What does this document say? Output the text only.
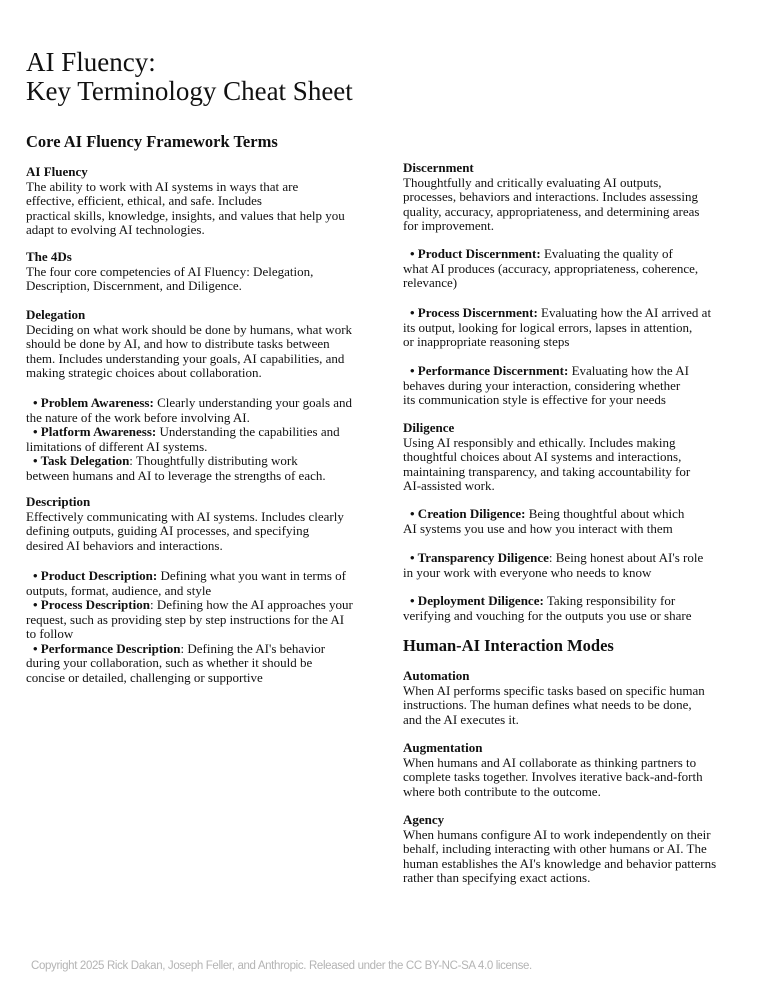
AI Fluency:
Key Terminology Cheat Sheet
Core AI Fluency Framework Terms
Human-AI Interaction Modes
AI Fluency
The ability to work with AI systems in ways that are
effective, efficient, ethical, and safe. Includes
practical skills, knowledge, insights, and values that help you
adapt to evolving AI technologies.
The 4Ds
The four core competencies of AI Fluency: Delegation,
Description, Discernment, and Diligence.
Delegation
Deciding on what work should be done by humans, what work
should be done by AI, and how to distribute tasks between
them. Includes understanding your goals, AI capabilities, and
making strategic choices about collaboration.
• Problem Awareness: Clearly understanding your goals and
the nature of the work before involving AI.
• Platform Awareness: Understanding the capabilities and
limitations of different AI systems.
• Task Delegation: Thoughtfully distributing work
between humans and AI to leverage the strengths of each.
Description
Effectively communicating with AI systems. Includes clearly
defining outputs, guiding AI processes, and specifying
desired AI behaviors and interactions.
• Product Description: Defining what you want in terms of
outputs, format, audience, and style
• Process Description: Defining how the AI approaches your
request, such as providing step by step instructions for the AI
to follow
• Performance Description: Defining the AI's behavior
during your collaboration, such as whether it should be
concise or detailed, challenging or supportive
Discernment
Thoughtfully and critically evaluating AI outputs,
processes, behaviors and interactions. Includes assessing
quality, accuracy, appropriateness, and determining areas
for improvement.
• Product Discernment: Evaluating the quality of
what AI produces (accuracy, appropriateness, coherence,
relevance)
• Process Discernment: Evaluating how the AI arrived at
its output, looking for logical errors, lapses in attention,
or inappropriate reasoning steps
• Performance Discernment: Evaluating how the AI
behaves during your interaction, considering whether
its communication style is effective for your needs
Diligence
Using AI responsibly and ethically. Includes making
thoughtful choices about AI systems and interactions,
maintaining transparency, and taking accountability for
AI-assisted work.
• Creation Diligence: Being thoughtful about which
AI systems you use and how you interact with them
• Transparency Diligence: Being honest about AI's role
in your work with everyone who needs to know
• Deployment Diligence: Taking responsibility for
verifying and vouching for the outputs you use or share
Automation
When AI performs specific tasks based on specific human
instructions. The human defines what needs to be done,
and the AI executes it.
Augmentation
When humans and AI collaborate as thinking partners to
complete tasks together. Involves iterative back-and-forth
where both contribute to the outcome.
Agency
When humans configure AI to work independently on their
behalf, including interacting with other humans or AI. The
human establishes the AI's knowledge and behavior patterns
rather than specifying exact actions.
Copyright 2025 Rick Dakan, Joseph Feller, and Anthropic. Released under the CC BY-NC-SA 4.0 license.
